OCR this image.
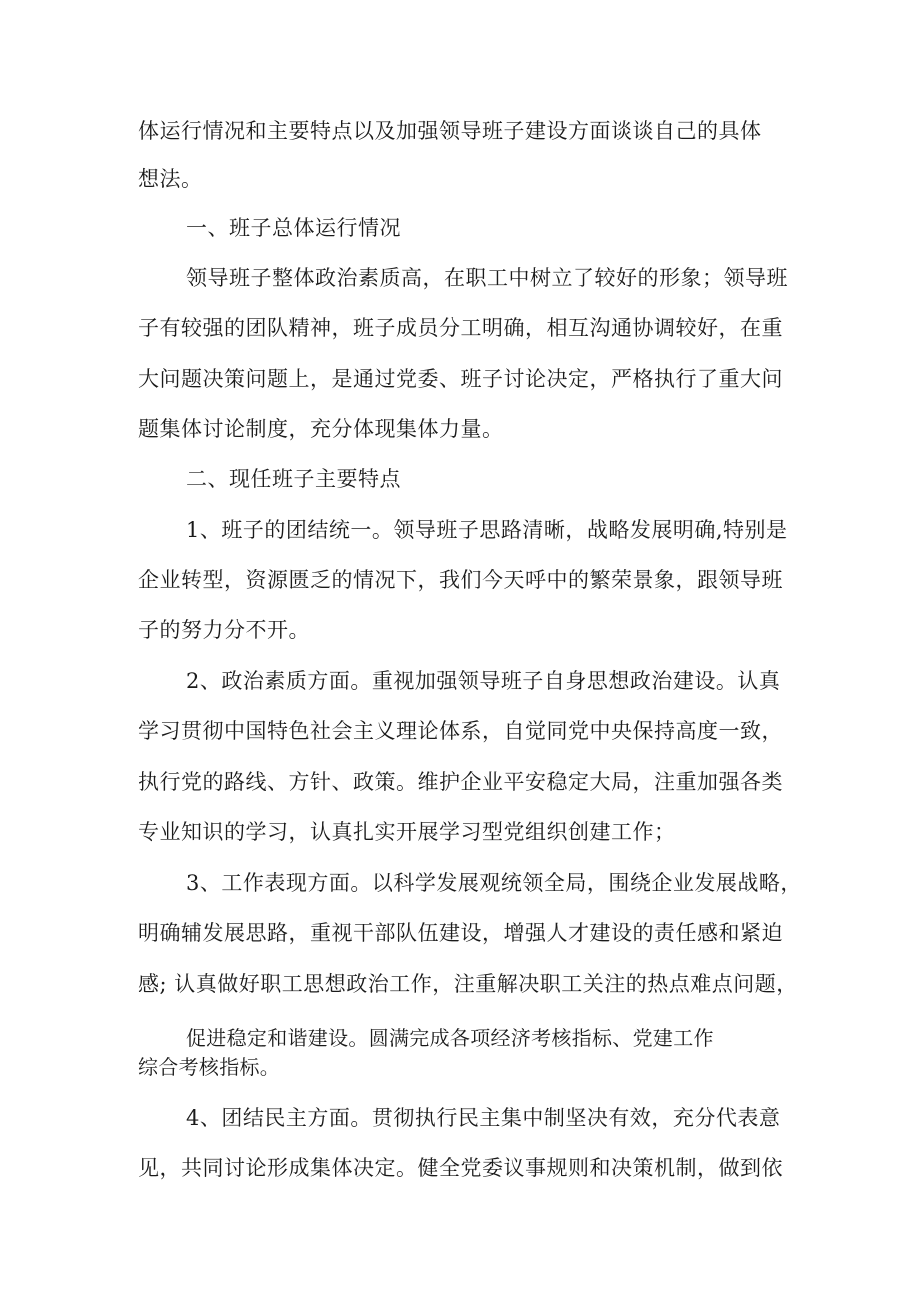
体运行情况和主要特点以及加强领导班子建设方面谈谈自己的具体
想法。
一、班子总体运行情况
领导班子整体政治素质高，在职工中树立了较好的形象；领导班
子有较强的团队精神，班子成员分工明确，相互沟通协调较好，在重
大问题决策问题上，是通过党委、班子讨论决定，严格执行了重大问
题集体讨论制度，充分体现集体力量。
二、现任班子主要特点
1、班子的团结统一。领导班子思路清晰，战略发展明确,特别是
企业转型，资源匮乏的情况下，我们今天呼中的繁荣景象，跟领导班
子的努力分不开。
2、政治素质方面。重视加强领导班子自身思想政治建设。认真
学习贯彻中国特色社会主义理论体系，自觉同党中央保持高度一致，
执行党的路线、方针、政策。维护企业平安稳定大局，注重加强各类
专业知识的学习，认真扎实开展学习型党组织创建工作；
3、工作表现方面。以科学发展观统领全局，围绕企业发展战略，
明确辅发展思路，重视干部队伍建设，增强人才建设的责任感和紧迫
感; 认真做好职工思想政治工作，注重解决职工关注的热点难点问题，
促进稳定和谐建设。圆满完成各项经济考核指标、党建工作
综合考核指标。
4、团结民主方面。贯彻执行民主集中制坚决有效，充分代表意
见，共同讨论形成集体决定。健全党委议事规则和决策机制，做到依
